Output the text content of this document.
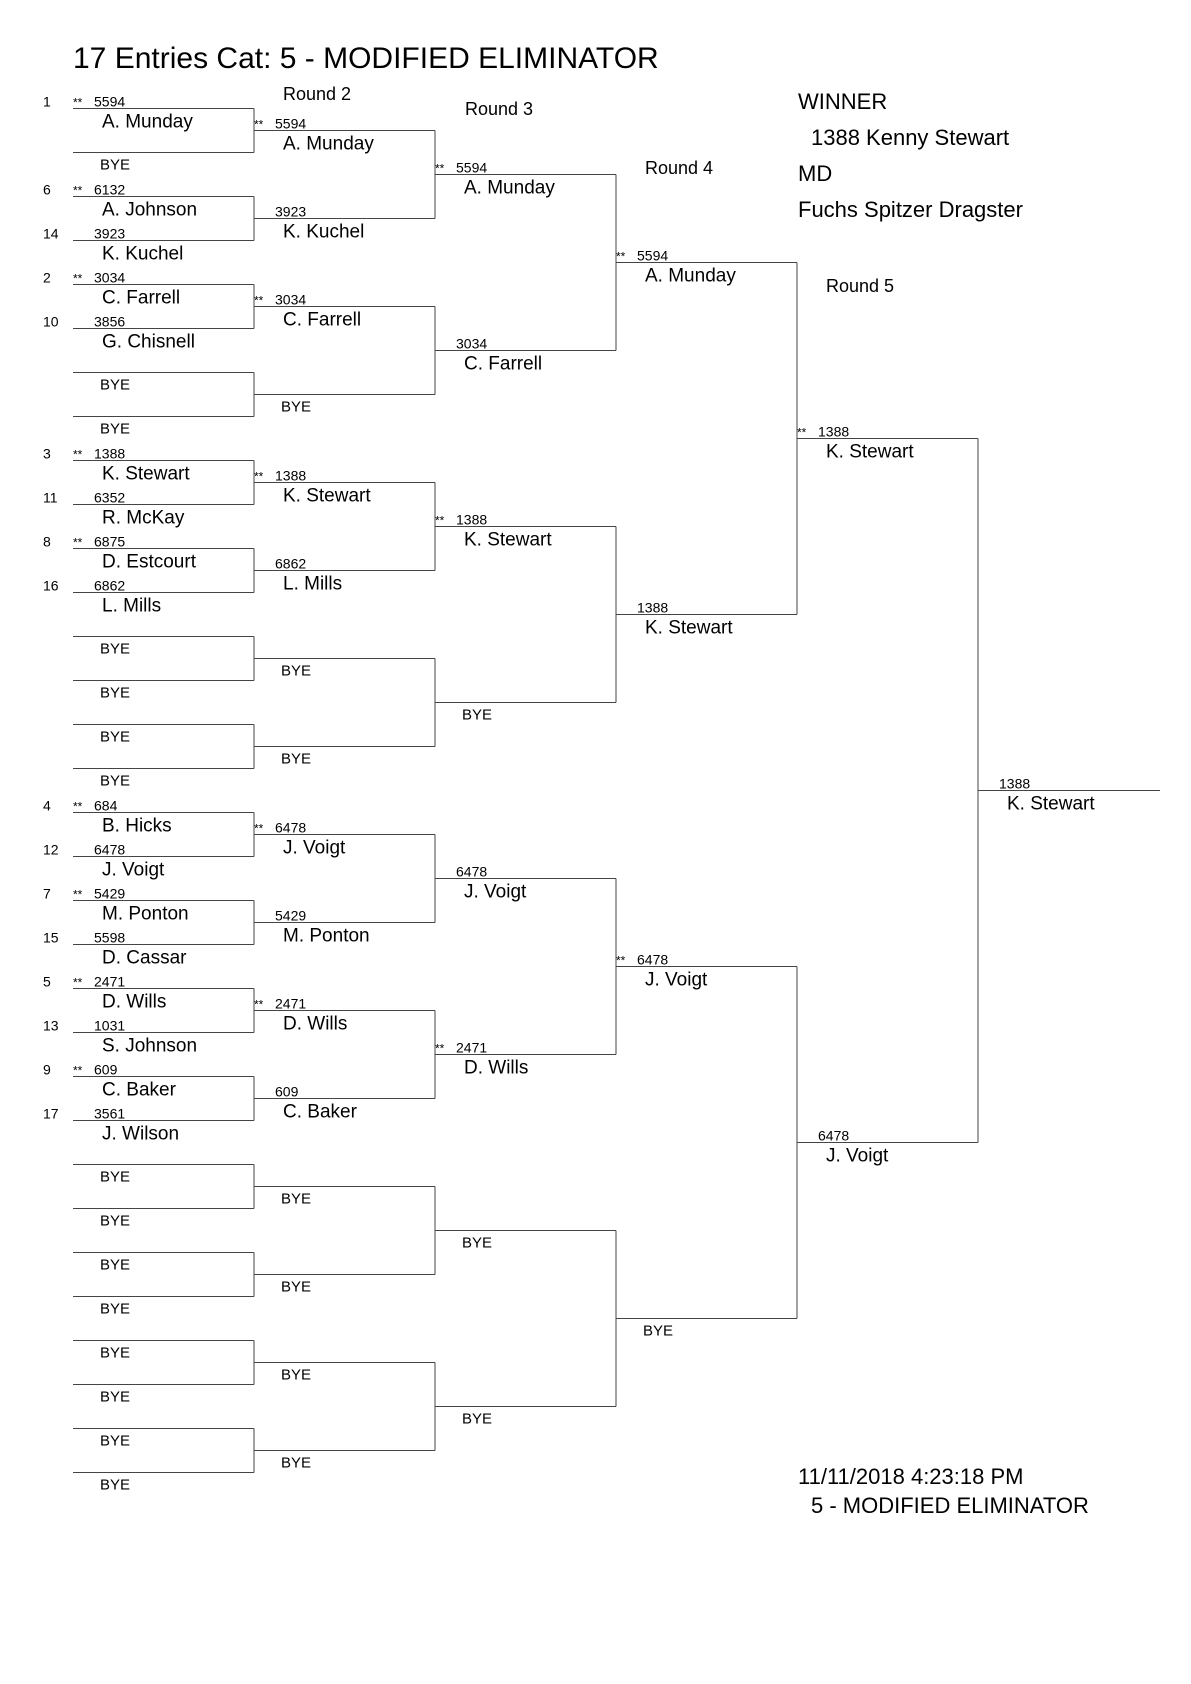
17 Entries Cat: 5 - MODIFIED ELIMINATOR
Round 2
Round 3
Round 4
Round 5
WINNER
1388 Kenny Stewart
MD
Fuchs Spitzer Dragster
11/11/2018 4:23:18 PM
5 - MODIFIED ELIMINATOR
**
1	5594
A. Munday
BYE
**
6	6132
A. Johnson
14	3923
K. Kuchel
**
2	3034
C. Farrell
10	3856
G. Chisnell
BYE
BYE
**
3	1388
K. Stewart
11	6352
R. McKay
**
8	6875
D. Estcourt
16	6862
L. Mills
BYE
BYE
BYE
BYE
**
4	684
B. Hicks
12	6478
J. Voigt
**
7	5429
M. Ponton
15	5598
D. Cassar
**
5	2471
D. Wills
13	1031
S. Johnson
**
9	609
C. Baker
17	3561
J. Wilson
BYE
BYE
BYE
BYE
BYE
BYE
BYE
BYE
** 5594
A. Munday
3923
K. Kuchel
** 3034
C. Farrell
BYE
** 1388
K. Stewart
6862
L. Mills
BYE
BYE
** 6478
J. Voigt
5429
M. Ponton
** 2471
D. Wills
609
C. Baker
BYE
BYE
BYE
BYE
** 5594
A. Munday
3034
C. Farrell
** 1388
K. Stewart
BYE
6478
J. Voigt
** 2471
D. Wills
BYE
BYE
** 5594
A. Munday
1388
K. Stewart
** 6478
J. Voigt
BYE
** 1388
K. Stewart
6478
J. Voigt
1388
K. Stewart
